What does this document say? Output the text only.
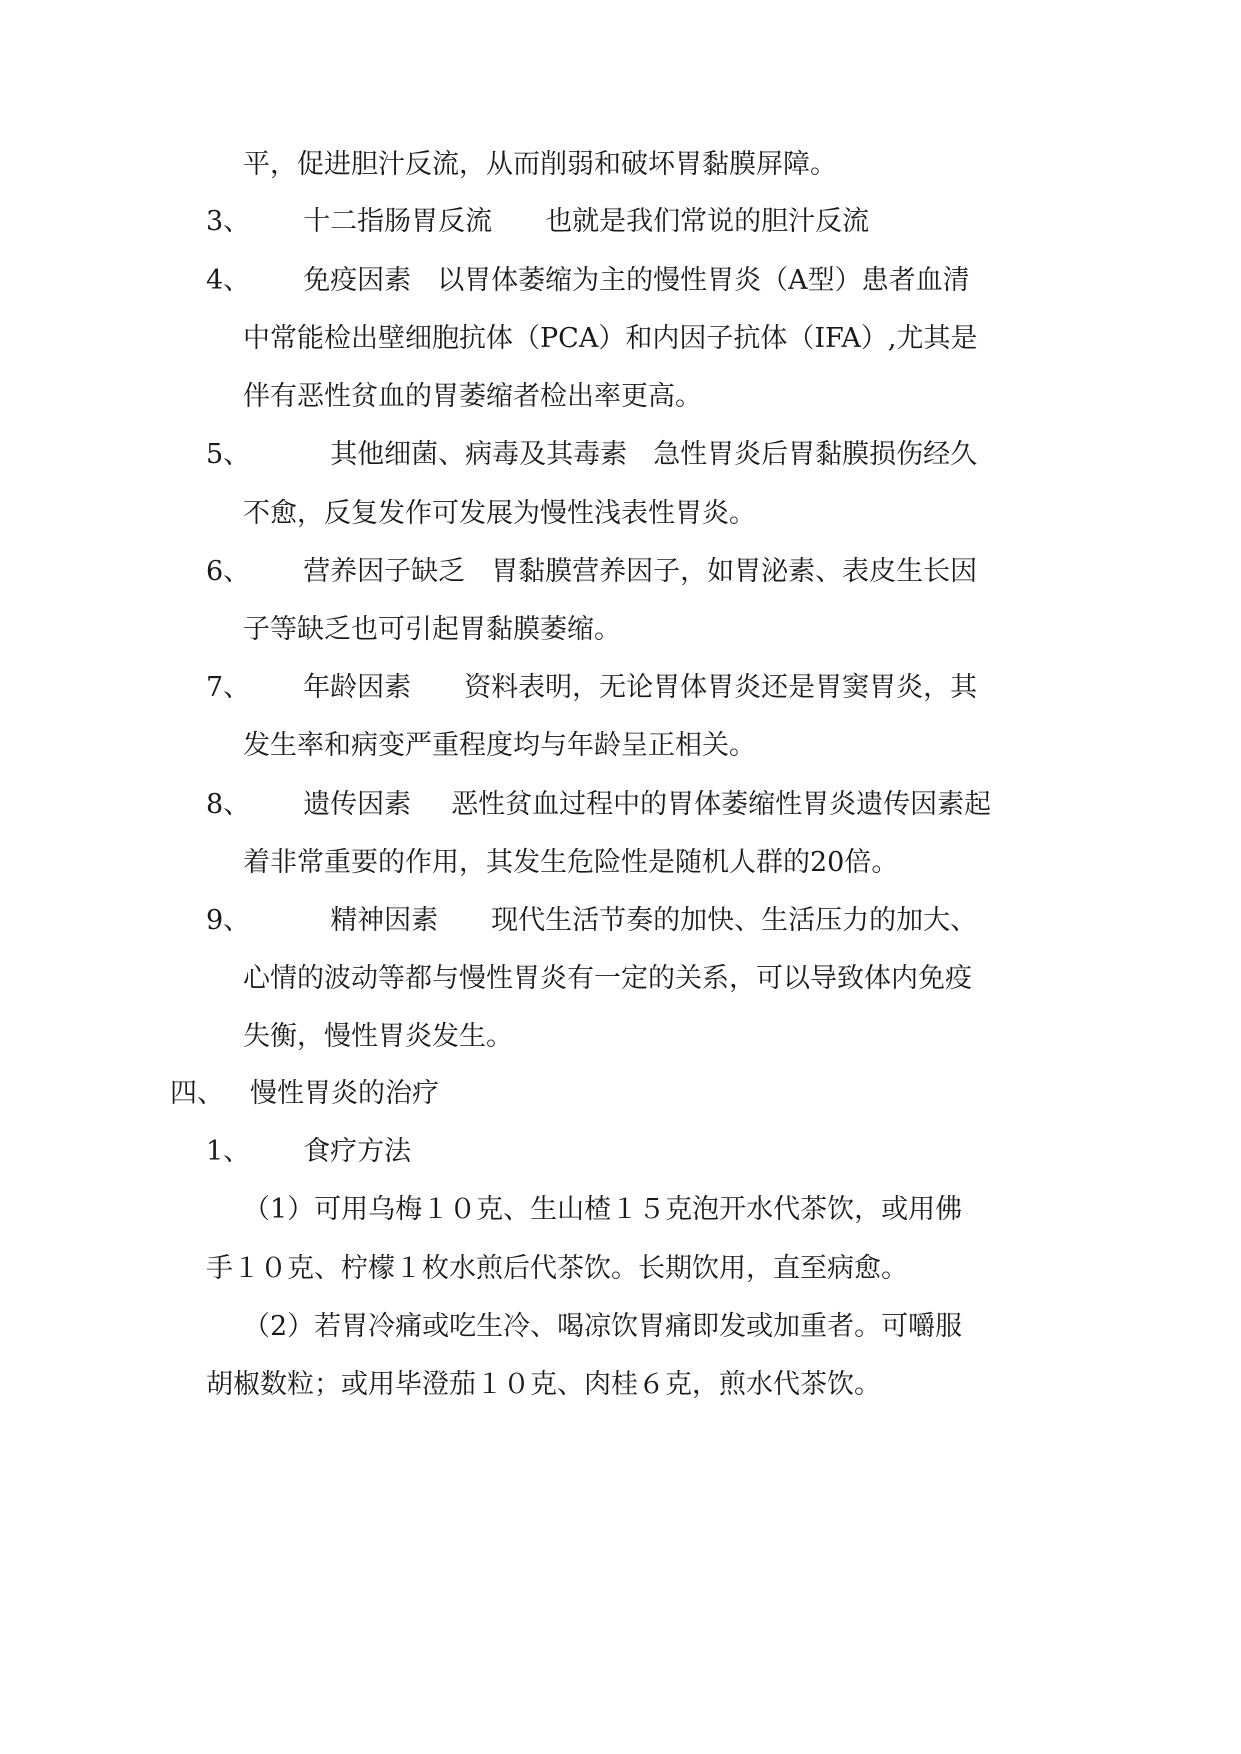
平，促进胆汁反流，从而削弱和破坏胃黏膜屏障。
3、 十二指肠胃反流 也就是我们常说的胆汁反流
4、 免疫因素 以胃体萎缩为主的慢性胃炎（A型）患者血清
中常能检出壁细胞抗体（PCA）和内因子抗体（IFA）,尤其是
伴有恶性贫血的胃萎缩者检出率更高。
5、	其他细菌、病毒及其毒素 急性胃炎后胃黏膜损伤经久
不愈，反复发作可发展为慢性浅表性胃炎。
6、 营养因子缺乏 胃黏膜营养因子，如胃泌素、表皮生长因
子等缺乏也可引起胃黏膜萎缩。
7、 年龄因素 资料表明，无论胃体胃炎还是胃窦胃炎，其
发生率和病变严重程度均与年龄呈正相关。
8、 遗传因素 恶性贫血过程中的胃体萎缩性胃炎遗传因素起
着非常重要的作用，其发生危险性是随机人群的20倍。
9、	精神因素 现代生活节奏的加快、生活压力的加大、
心情的波动等都与慢性胃炎有一定的关系，可以导致体内免疫
失衡，慢性胃炎发生。
四、 慢性胃炎的治疗
1、 食疗方法
（1）可用乌梅１０克、生山楂１５克泡开水代茶饮，或用佛
手１０克、柠檬１枚水煎后代茶饮。长期饮用，直至病愈。
（2）若胃冷痛或吃生冷、喝凉饮胃痛即发或加重者。可嚼服
胡椒数粒；或用毕澄茄１０克、肉桂６克，煎水代茶饮。
